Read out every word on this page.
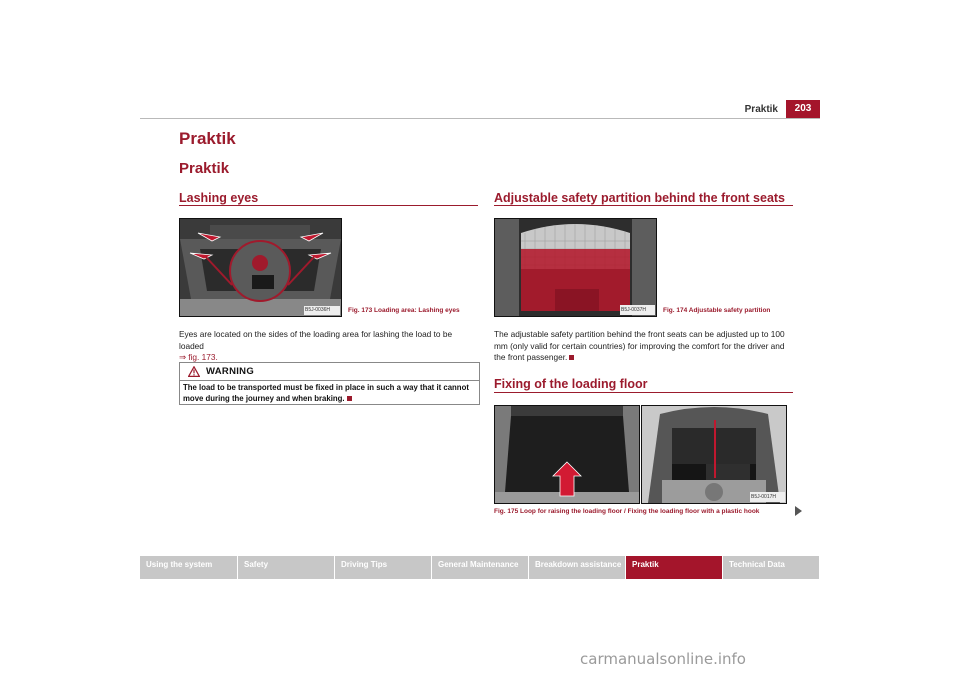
Praktik	203
Praktik
Praktik
Lashing eyes
B5J-0036H	Fig. 173 Loading area: Lashing eyes
Eyes are located on the sides of the loading area for lashing the load to be loaded
⇒ fig. 173.
WARNING
The load to be transported must be fixed in place in such a way that it cannot move during the journey and when braking.
Adjustable safety partition behind the front seats
B5J-0037H	Fig. 174 Adjustable safety partition
The adjustable safety partition behind the front seats can be adjusted up to 100 mm (only valid for certain countries) for improving the comfort for the driver and the front passenger.
Fixing of the loading floor
B5J-0017H
Fig. 175 Loop for raising the loading floor / Fixing the loading floor with a plastic hook
Using the system	Safety	Driving Tips	General Maintenance	Breakdown assistance	Praktik	Technical Data
carmanualsonline.info
